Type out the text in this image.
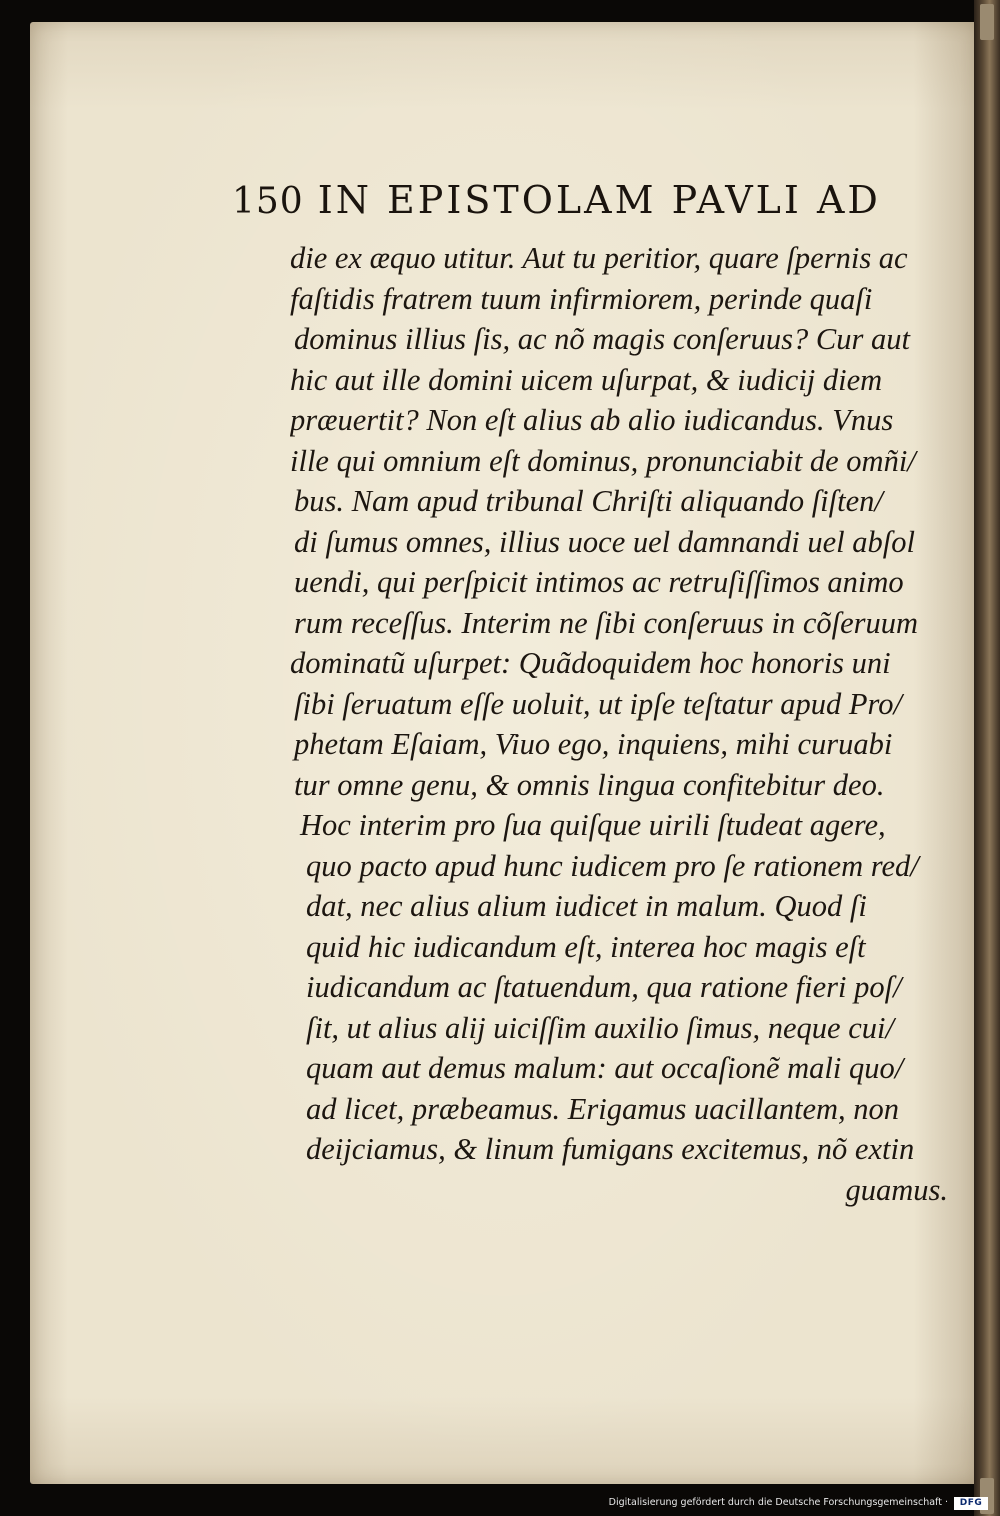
150 IN EPISTOLAM PAVLI AD
die ex æquo utitur. Aut tu peritior, quare ſpernis ac
faſtidis fratrem tuum infirmiorem, perinde quaſi
dominus illius ſis, ac nõ magis conſeruus? Cur aut
hic aut ille domini uicem uſurpat, & iudicij diem
præuertit? Non eſt alius ab alio iudicandus. Vnus
ille qui omnium eſt dominus, pronunciabit de omñi/
bus. Nam apud tribunal Chriſti aliquando ſiſten/
di ſumus omnes, illius uoce uel damnandi uel abſol
uendi, qui perſpicit intimos ac retruſiſſimos animo
rum receſſus. Interim ne ſibi conſeruus in cõſeruum
dominatũ uſurpet: Quãdoquidem hoc honoris uni
ſibi ſeruatum eſſe uoluit, ut ipſe teſtatur apud Pro/
phetam Eſaiam, Viuo ego, inquiens, mihi curuabi
tur omne genu, & omnis lingua confitebitur deo.
Hoc interim pro ſua quiſque uirili ſtudeat agere,
quo pacto apud hunc iudicem pro ſe rationem red/
dat, nec alius alium iudicet in malum. Quod ſi
quid hic iudicandum eſt, interea hoc magis eſt
iudicandum ac ſtatuendum, qua ratione fieri poſ/
ſit, ut alius alij uiciſſim auxilio ſimus, neque cui/
quam aut demus malum: aut occaſionẽ mali quo/
ad licet, præbeamus. Erigamus uacillantem, non
deijciamus, & linum fumigans excitemus, nõ extin
guamus.
Digitalisierung gefördert durch die Deutsche Forschungsgemeinschaft ·	DFG
